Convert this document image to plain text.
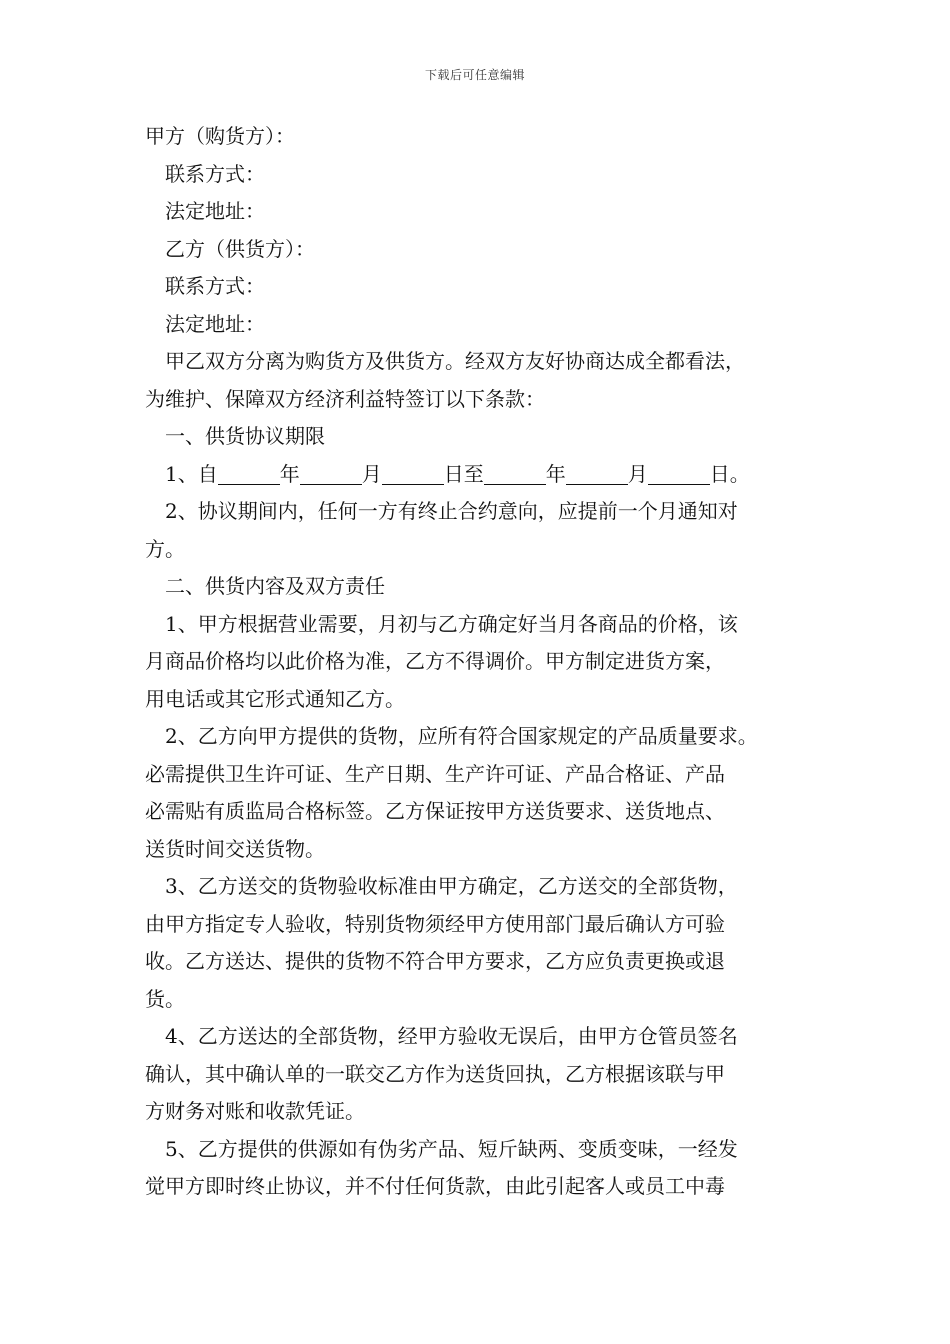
下载后可任意编辑
甲方（购货方）：
联系方式：
法定地址：
乙方（供货方）：
联系方式：
法定地址：
甲乙双方分离为购货方及供货方。经双方友好协商达成全都看法，
为维护、保障双方经济利益特签订以下条款：
一、供货协议期限
1、自	年	月	日至	年	月	日。
2、协议期间内，任何一方有终止合约意向，应提前一个月通知对
方。
二、供货内容及双方责任
1、甲方根据营业需要，月初与乙方确定好当月各商品的价格，该
月商品价格均以此价格为准，乙方不得调价。甲方制定进货方案，
用电话或其它形式通知乙方。
2、乙方向甲方提供的货物，应所有符合国家规定的产品质量要求。
必需提供卫生许可证、生产日期、生产许可证、产品合格证、产品
必需贴有质监局合格标签。乙方保证按甲方送货要求、送货地点、
送货时间交送货物。
3、乙方送交的货物验收标准由甲方确定，乙方送交的全部货物，
由甲方指定专人验收，特别货物须经甲方使用部门最后确认方可验
收。乙方送达、提供的货物不符合甲方要求，乙方应负责更换或退
货。
4、乙方送达的全部货物，经甲方验收无误后，由甲方仓管员签名
确认，其中确认单的一联交乙方作为送货回执，乙方根据该联与甲
方财务对账和收款凭证。
5、乙方提供的供源如有伪劣产品、短斤缺两、变质变味，一经发
觉甲方即时终止协议，并不付任何货款，由此引起客人或员工中毒
